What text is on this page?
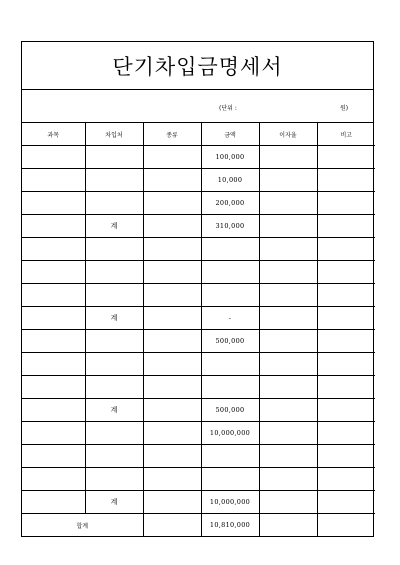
단기차입금명세서
(단위 :	원)
과목	차입처	종류	금액	이자율	비고
			100,000		
			10,000		
			200,000		
	계		310,000		

	계		-		
			500,000		

	계		500,000		
			10,000,000		

	계		10,000,000		
합계			10,810,000		
